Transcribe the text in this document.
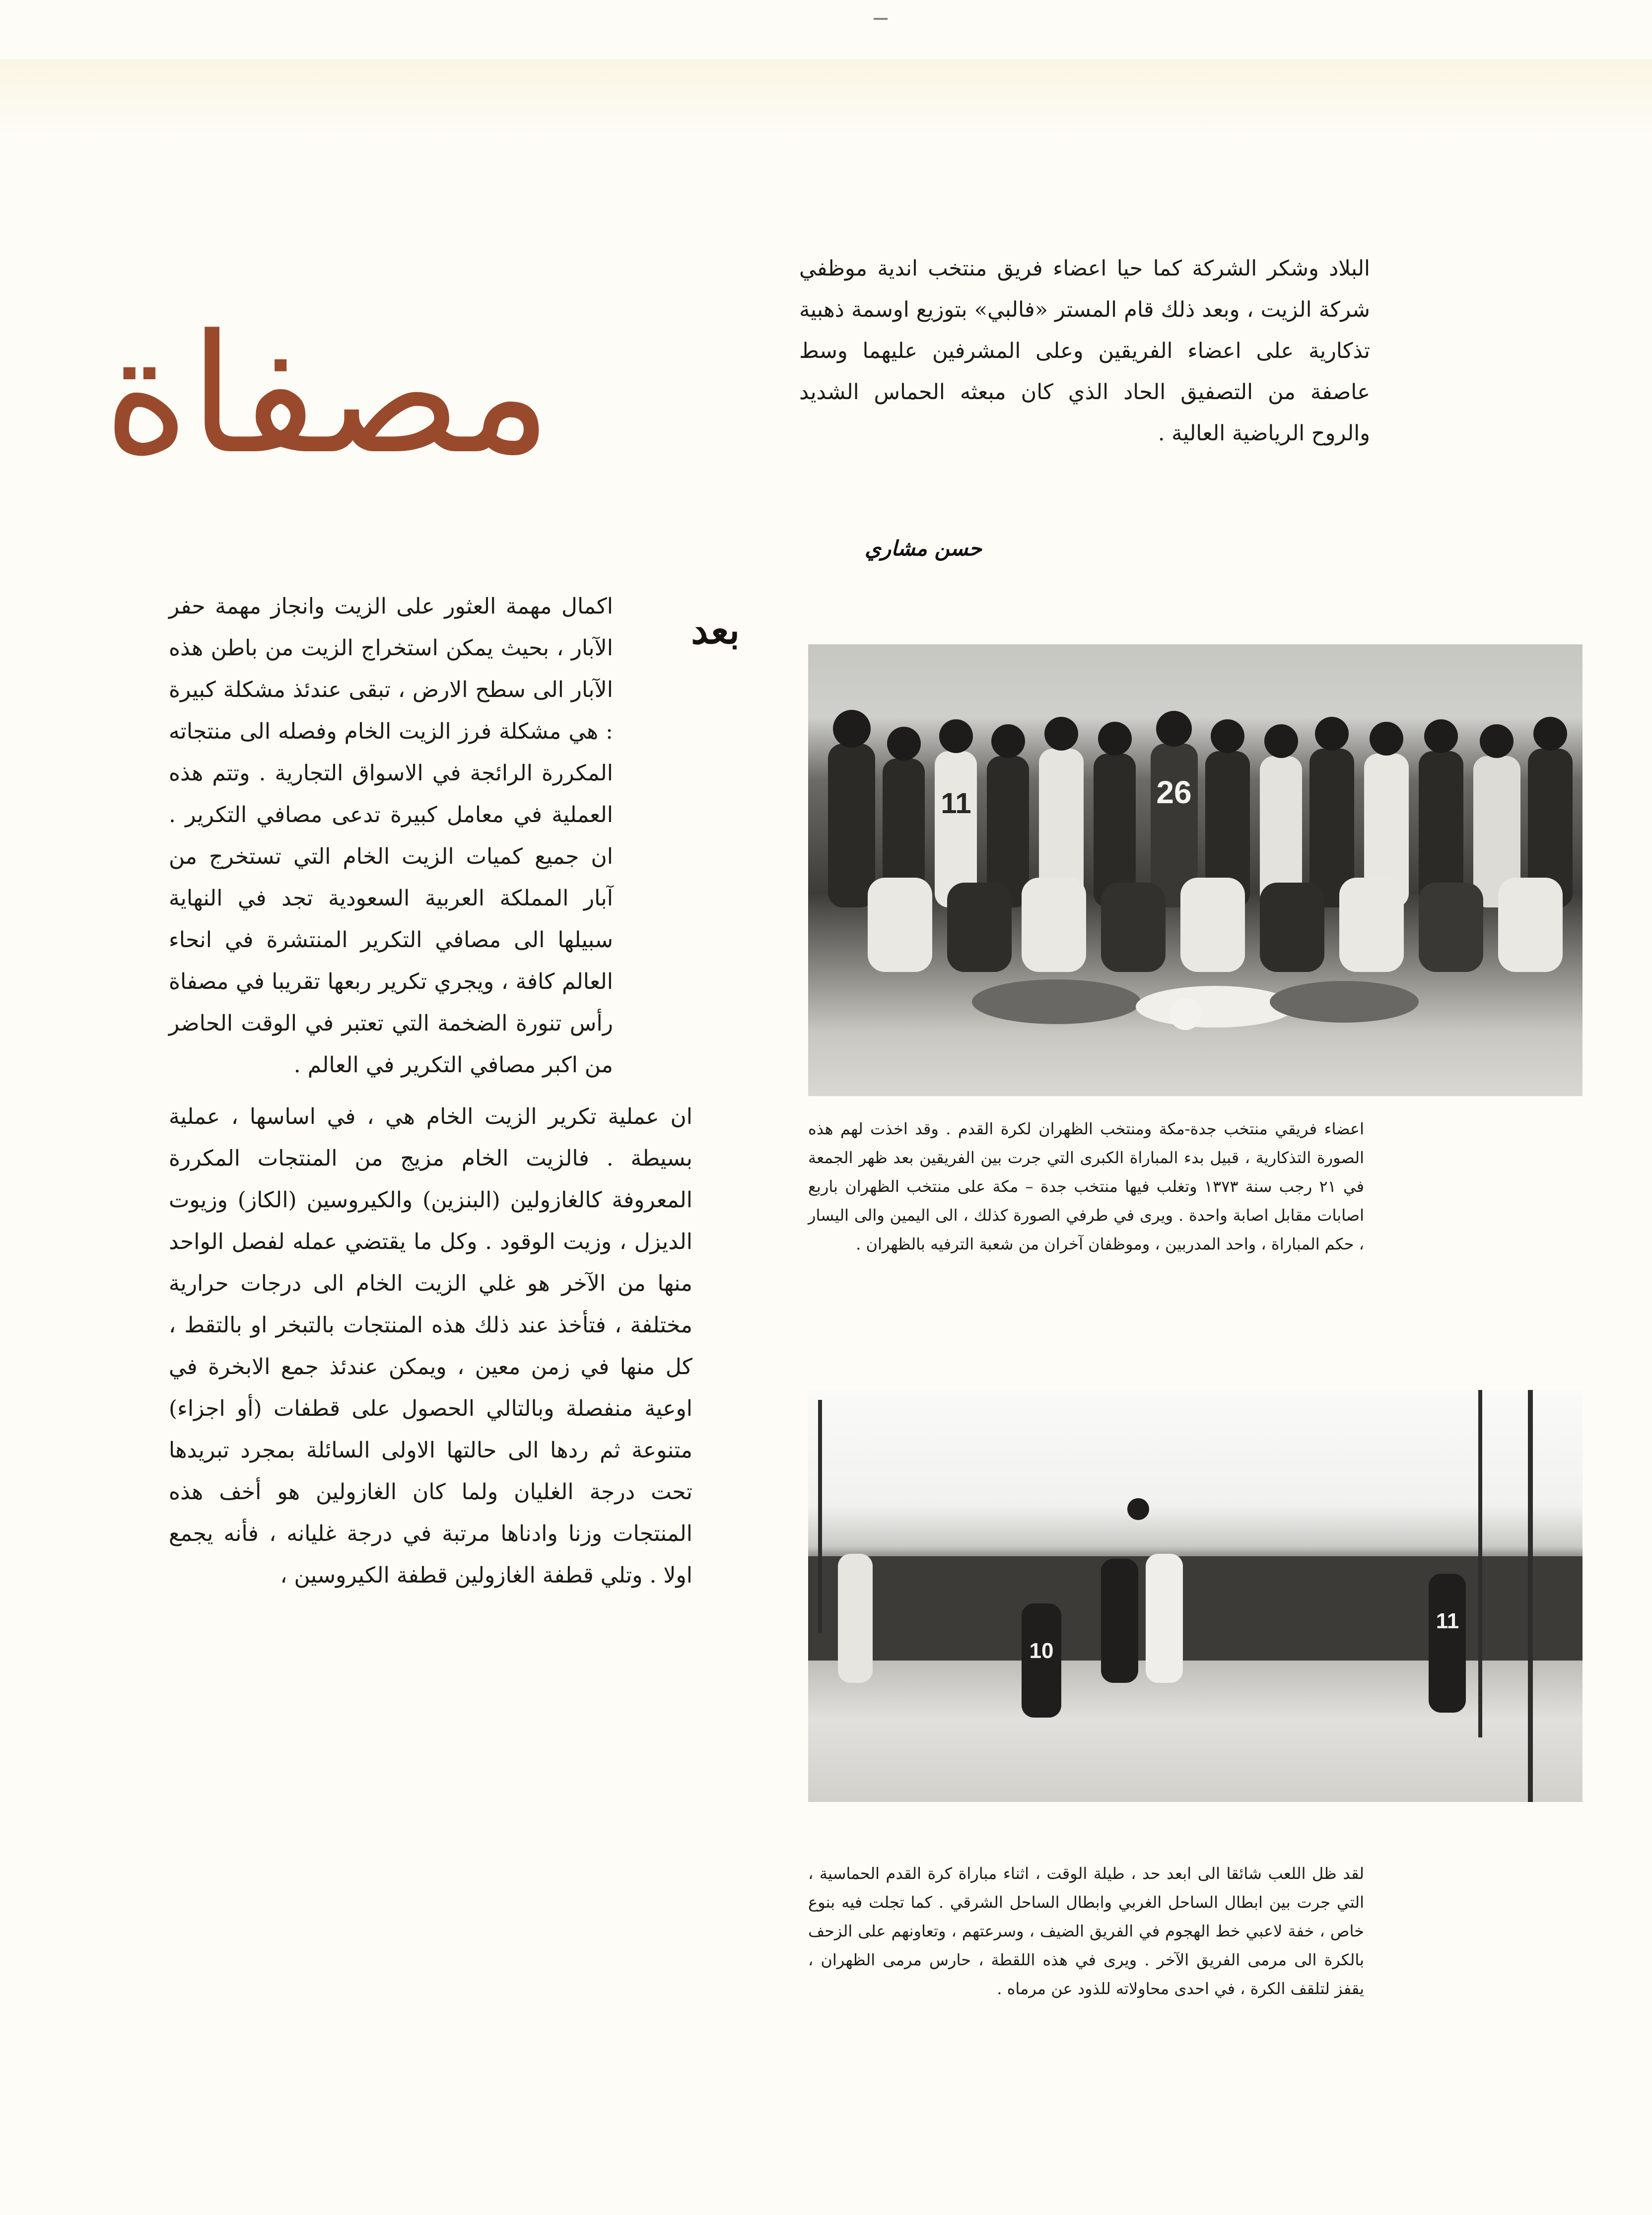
البلاد وشكر الشركة كما حيا اعضاء فريق منتخب اندية موظفي شركة الزيت ، وبعد ذلك قام المستر «فالبي» بتوزيع اوسمة ذهبية تذكارية على اعضاء الفريقين وعلى المشرفين عليهما وسط عاصفة من التصفيق الحاد الذي كان مبعثه الحماس الشديد والروح الرياضية العالية .

حسن مشاري
مصفاة
بعد

اكمال مهمة العثور على الزيت وانجاز مهمة حفر الآبار ، بحيث يمكن استخراج الزيت من باطن هذه الآبار الى سطح الارض ، تبقى عندئذ مشكلة كبيرة : هي مشكلة فرز الزيت الخام وفصله الى منتجاته المكررة الرائجة في الاسواق التجارية . وتتم هذه العملية في معامل كبيرة تدعى مصافي التكرير . ان جميع كميات الزيت الخام التي تستخرج من آبار المملكة العربية السعودية تجد في النهاية سبيلها الى مصافي التكرير المنتشرة في انحاء العالم كافة ، ويجري تكرير ربعها تقريبا في مصفاة رأس تنورة الضخمة التي تعتبر في الوقت الحاضر من اكبر مصافي التكرير في العالم .

ان عملية تكرير الزيت الخام هي ، في اساسها ، عملية بسيطة . فالزيت الخام مزيج من المنتجات المكررة المعروفة كالغازولين (البنزين) والكيروسين (الكاز) وزيوت الديزل ، وزيت الوقود . وكل ما يقتضي عمله لفصل الواحد منها من الآخر هو غلي الزيت الخام الى درجات حرارية مختلفة ، فتأخذ عند ذلك هذه المنتجات بالتبخر او بالتقط ، كل منها في زمن معين ، ويمكن عندئذ جمع الابخرة في اوعية منفصلة وبالتالي الحصول على قطفات (أو اجزاء) متنوعة ثم ردها الى حالتها الاولى السائلة بمجرد تبريدها تحت درجة الغليان ولما كان الغازولين هو أخف هذه المنتجات وزنا وادناها مرتبة في درجة غليانه ، فأنه يجمع اولا . وتلي قطفة الغازولين قطفة الكيروسين ،

11	26
اعضاء فريقي منتخب جدة-مكة ومنتخب الظهران لكرة القدم . وقد اخذت لهم هذه الصورة التذكارية ، قبيل بدء المباراة الكبرى التي جرت بين الفريقين بعد ظهر الجمعة في ٢١ رجب سنة ١٣٧٣ وتغلب فيها منتخب جدة – مكة على منتخب الظهران باربع اصابات مقابل اصابة واحدة . ويرى في طرفي الصورة كذلك ، الى اليمين والى اليسار ، حكم المباراة ، واحد المدربين ، وموظفان آخران من شعبة الترفيه بالظهران .
10
11
لقد ظل اللعب شائقا الى ابعد حد ، طيلة الوقت ، اثناء مباراة كرة القدم الحماسية ، التي جرت بين ابطال الساحل الغربي وابطال الساحل الشرقي . كما تجلت فيه بنوع خاص ، خفة لاعبي خط الهجوم في الفريق الضيف ، وسرعتهم ، وتعاونهم على الزحف بالكرة الى مرمى الفريق الآخر . ويرى في هذه اللقطة ، حارس مرمى الظهران ، يقفز لتلقف الكرة ، في احدى محاولاته للذود عن مرماه .
